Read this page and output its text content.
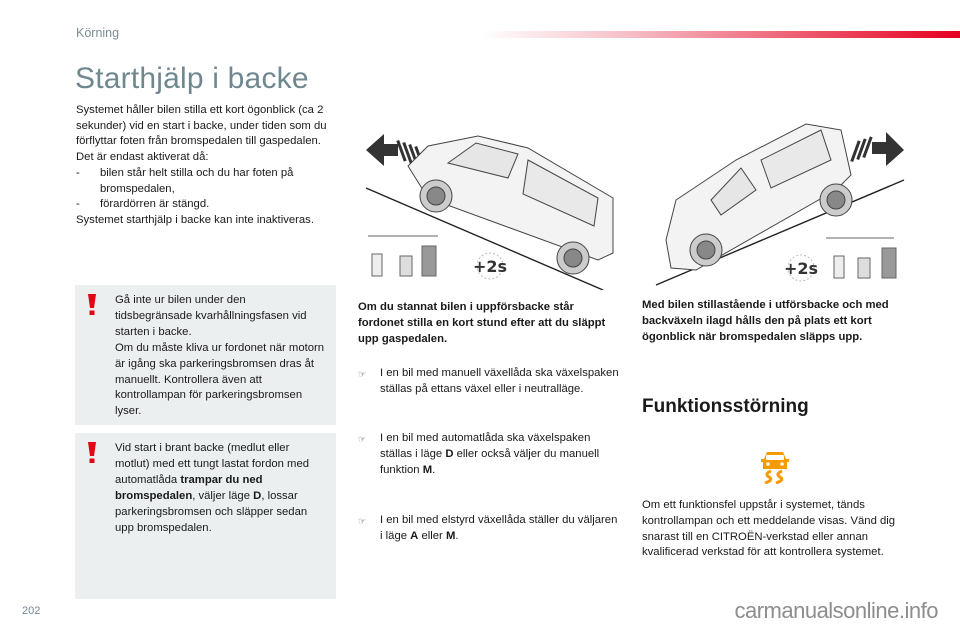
Körning
Starthjälp i backe

Systemet håller bilen stilla ett kort ögonblick (ca 2 sekunder) vid en start i backe, under tiden som du förflyttar foten från bromspedalen till gaspedalen.

Det är endast aktiverat då:

-	bilen står helt stilla och du har foten på bromspedalen,
-	förardörren är stängd.

Systemet starthjälp i backe kan inte inaktiveras.

Gå inte ur bilen under den tidsbegränsade kvarhållningsfasen vid starten i backe.

Om du måste kliva ur fordonet när motorn är igång ska parkeringsbromsen dras åt manuellt. Kontrollera även att kontrollampan för parkeringsbromsen lyser.

Vid start i brant backe (medlut eller motlut) med ett tungt lastat fordon med automatlåda trampar du ned bromspedalen, väljer läge D, lossar parkeringsbromsen och släpper sedan upp bromspedalen.

+2s	+2s

Om du stannat bilen i uppförsbacke står fordonet stilla en kort stund efter att du släppt upp gaspedalen.

☞	I en bil med manuell växellåda ska växelspaken ställas på ettans växel eller i neutralläge.
☞	I en bil med automatlåda ska växelspaken ställas i läge D eller också väljer du manuell funktion M.
☞	I en bil med elstyrd växellåda ställer du väljaren i läge A eller M.

Med bilen stillastående i utförsbacke och med backväxeln ilagd hålls den på plats ett kort ögonblick när bromspedalen släpps upp.

Funktionsstörning

Om ett funktionsfel uppstår i systemet, tänds kontrollampan och ett meddelande visas. Vänd dig snarast till en CITROËN-verkstad eller annan kvalificerad verkstad för att kontrollera systemet.

202	carmanualsonline.info
